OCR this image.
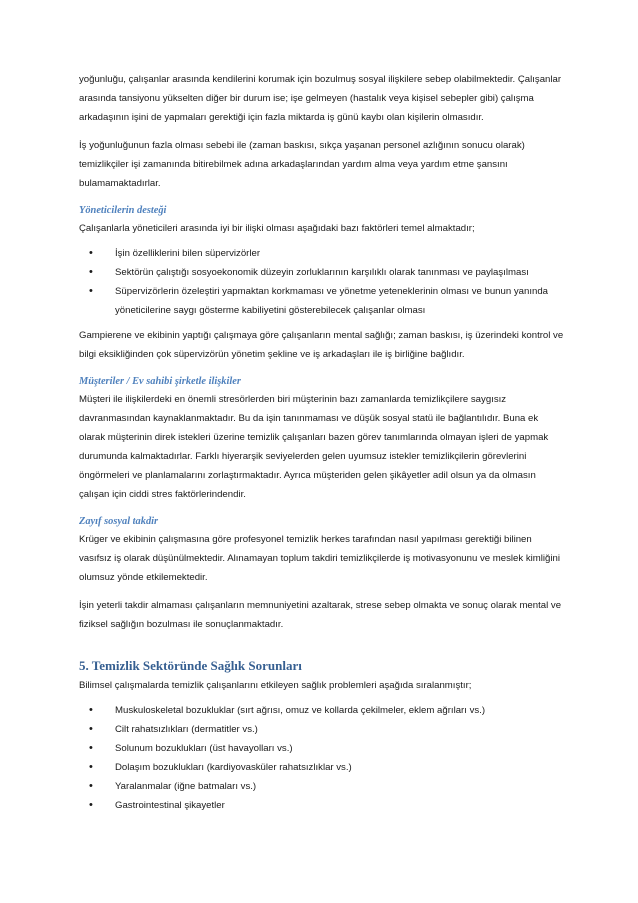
yoğunluğu, çalışanlar arasında kendilerini korumak için bozulmuş sosyal ilişkilere sebep olabilmektedir. Çalışanlar arasında tansiyonu yükselten diğer bir durum ise; işe gelmeyen (hastalık veya kişisel sebepler gibi) çalışma arkadaşının işini de yapmaları gerektiği için fazla miktarda iş günü kaybı olan kişilerin olmasıdır.

İş yoğunluğunun fazla olması sebebi ile (zaman baskısı, sıkça yaşanan personel azlığının sonucu olarak) temizlikçiler işi zamanında bitirebilmek adına arkadaşlarından yardım alma veya yardım etme şansını bulamamaktadırlar.

Yöneticilerin desteği

Çalışanlarla yöneticileri arasında iyi bir ilişki olması aşağıdaki bazı faktörleri temel almaktadır;

• İşin özelliklerini bilen süpervizörler
• Sektörün çalıştığı sosyoekonomik düzeyin zorluklarının karşılıklı olarak tanınması ve paylaşılması
• Süpervizörlerin özeleştiri yapmaktan korkmaması ve yönetme yeteneklerinin olması ve bunun yanında yöneticilerine saygı gösterme kabiliyetini gösterebilecek çalışanlar olması

Gampierene ve ekibinin yaptığı çalışmaya göre çalışanların mental sağlığı; zaman baskısı, iş üzerindeki kontrol ve bilgi eksikliğinden çok süpervizörün yönetim şekline ve iş arkadaşları ile iş birliğine bağlıdır.

Müşteriler / Ev sahibi şirketle ilişkiler

Müşteri ile ilişkilerdeki en önemli stresörlerden biri müşterinin bazı zamanlarda temizlikçilere saygısız davranmasından kaynaklanmaktadır. Bu da işin tanınmaması ve düşük sosyal statü ile bağlantılıdır. Buna ek olarak müşterinin direk istekleri üzerine temizlik çalışanları bazen görev tanımlarında olmayan işleri de yapmak durumunda kalmaktadırlar. Farklı hiyerarşik seviyelerden gelen uyumsuz istekler temizlikçilerin görevlerini öngörmeleri ve planlamalarını zorlaştırmaktadır. Ayrıca müşteriden gelen şikâyetler adil olsun ya da olmasın çalışan için ciddi stres faktörlerindendir.

Zayıf sosyal takdir

Krüger ve ekibinin çalışmasına göre profesyonel temizlik herkes tarafından nasıl yapılması gerektiği bilinen vasıfsız iş olarak düşünülmektedir. Alınamayan toplum takdiri temizlikçilerde iş motivasyonunu ve meslek kimliğini olumsuz yönde etkilemektedir.

İşin yeterli takdir almaması çalışanların memnuniyetini azaltarak, strese sebep olmakta ve sonuç olarak mental ve fiziksel sağlığın bozulması ile sonuçlanmaktadır.

5. Temizlik Sektöründe Sağlık Sorunları

Bilimsel çalışmalarda temizlik çalışanlarını etkileyen sağlık problemleri aşağıda sıralanmıştır;

• Muskuloskeletal bozukluklar (sırt ağrısı, omuz ve kollarda çekilmeler, eklem ağrıları vs.)
• Cilt rahatsızlıkları (dermatitler vs.)
• Solunum bozuklukları (üst havayolları vs.)
• Dolaşım bozuklukları (kardiyovasküler rahatsızlıklar vs.)
• Yaralanmalar (iğne batmaları vs.)
• Gastrointestinal şikayetler
